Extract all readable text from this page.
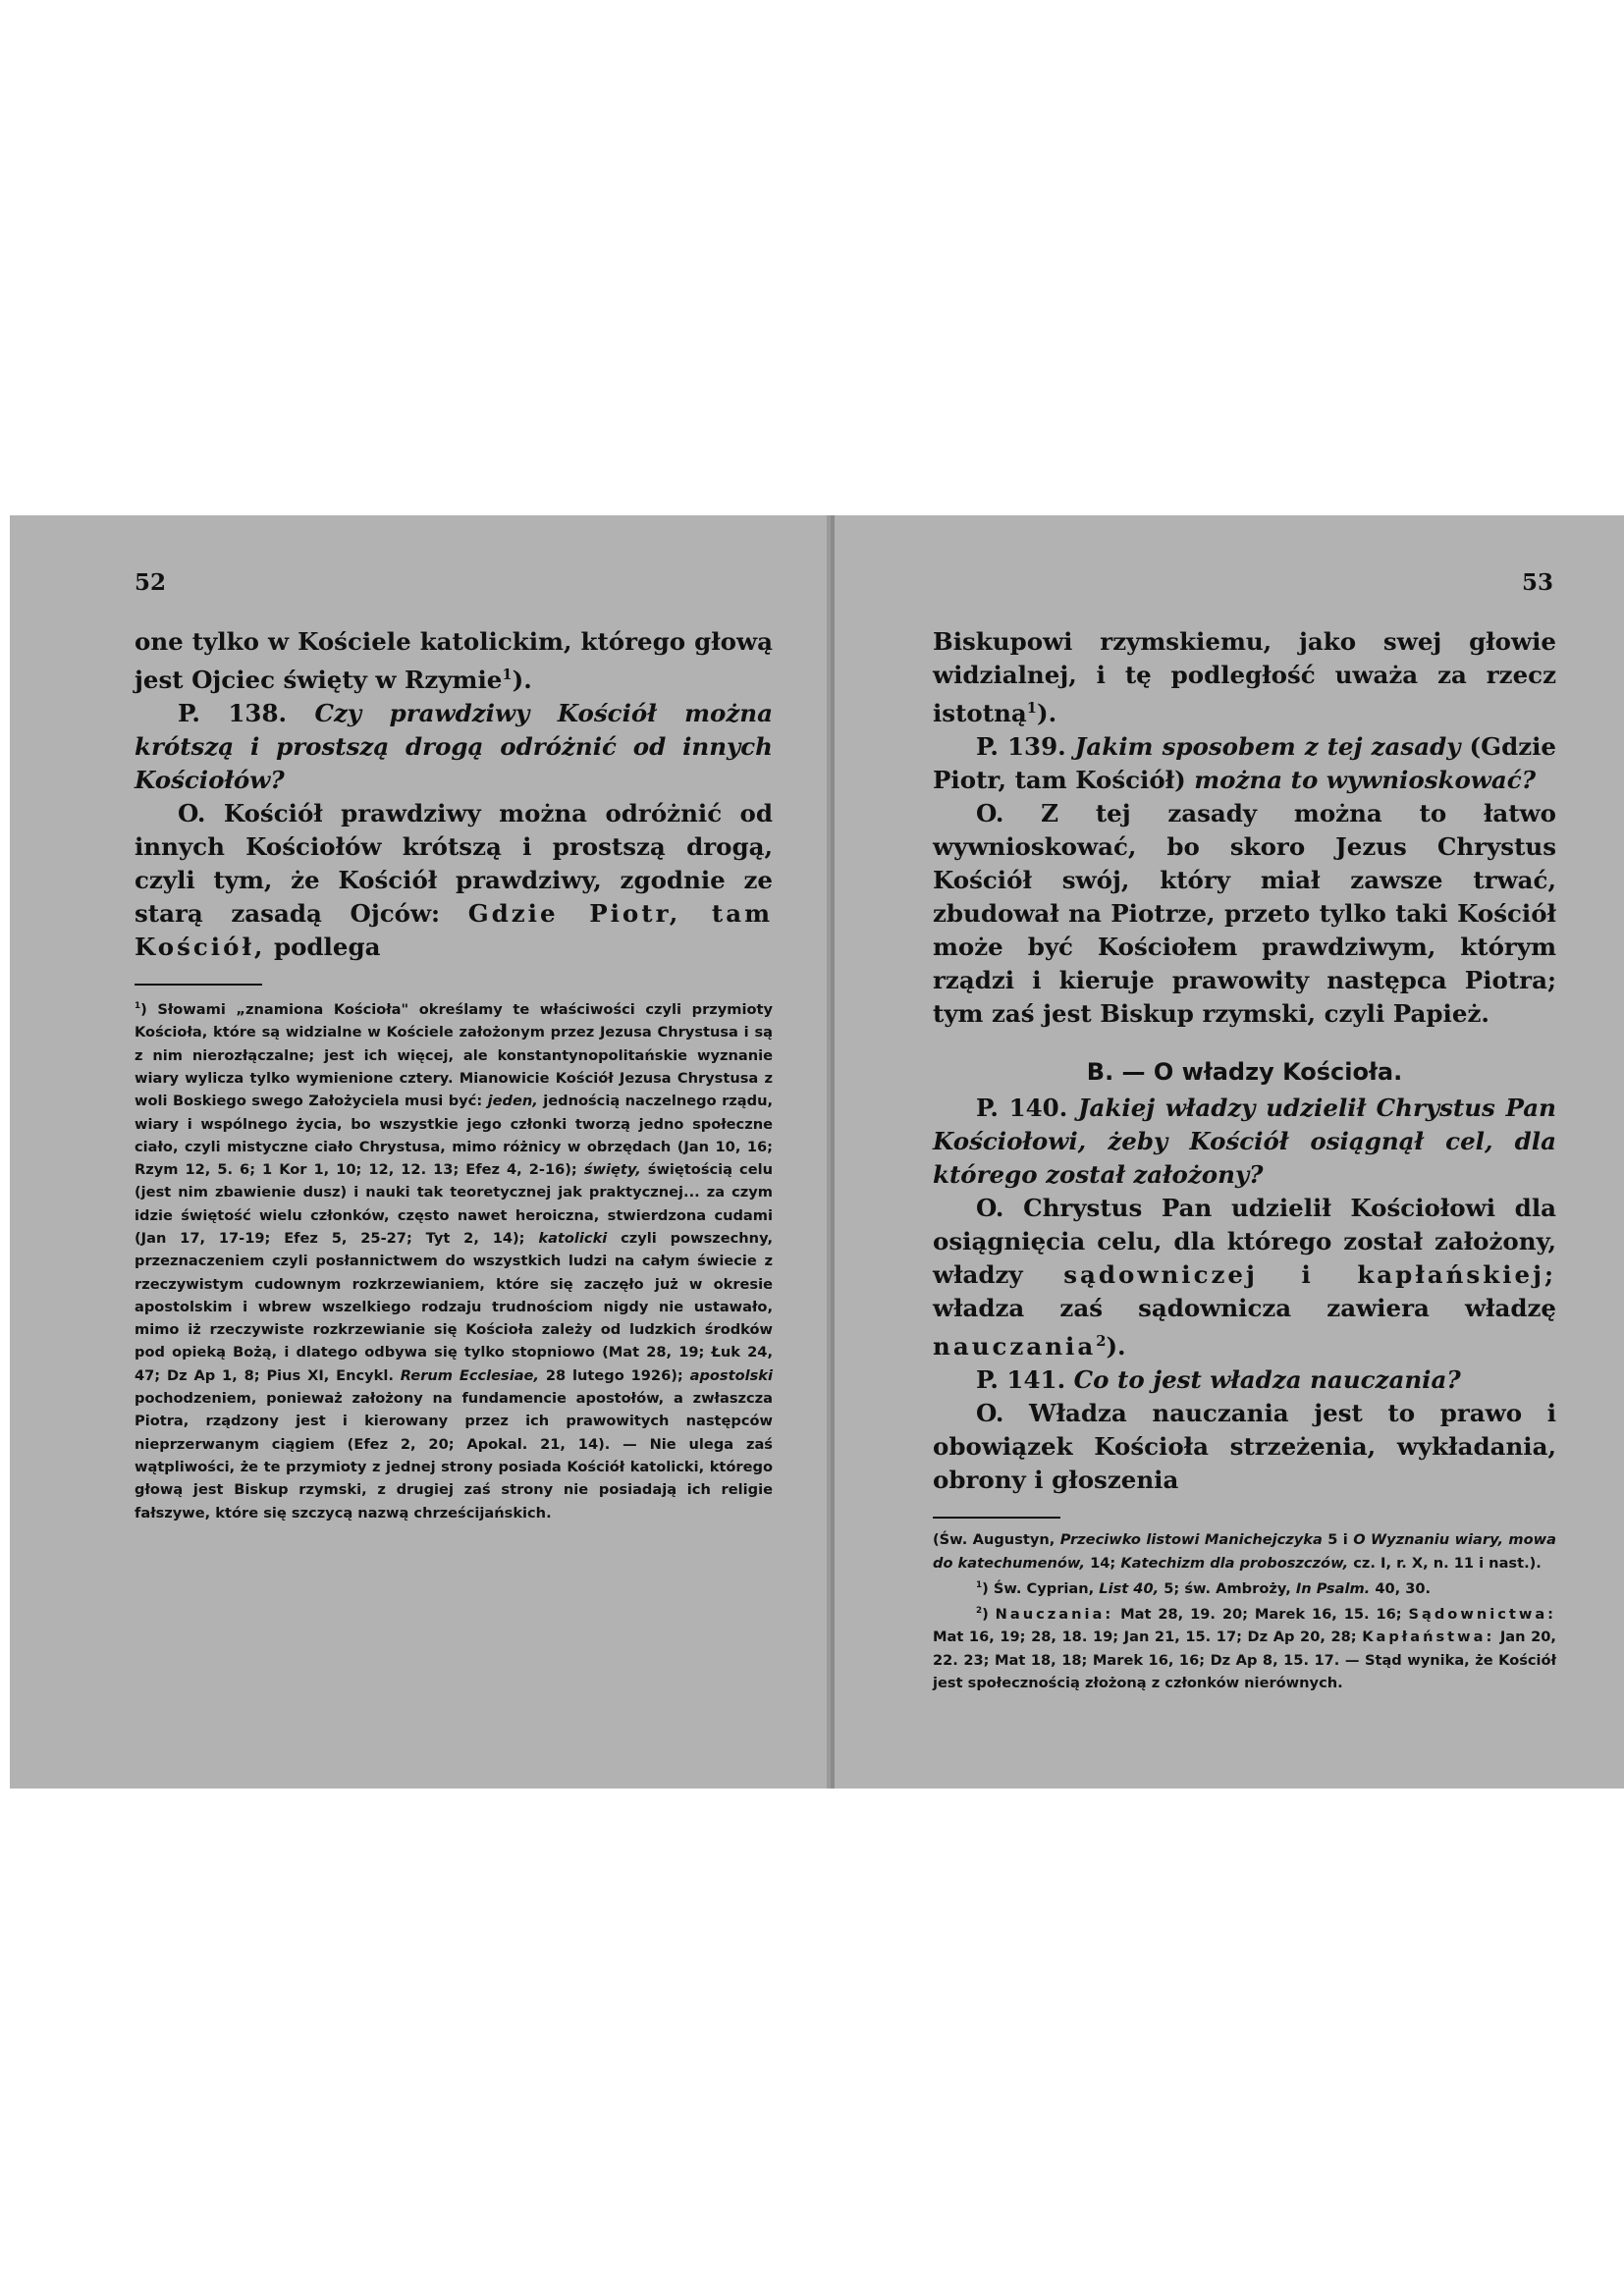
52

one tylko w Kościele katolickim, którego głową jest Ojciec święty w Rzymie$^1$).

P. 138. Czy prawdziwy Kościół można krótszą i prostszą drogą odróżnić od innych Kościołów?

O. Kościół prawdziwy można odróżnić od innych Kościołów krótszą i prostszą drogą, czyli tym, że Kościół prawdziwy, zgodnie ze starą zasadą Ojców: Gdzie Piotr, tam Kościół, podlega

$^1$) Słowami „znamiona Kościoła" określamy te właściwości czyli przymioty Kościoła, które są widzialne w Kościele założonym przez Jezusa Chrystusa i są z nim nierozłączalne; jest ich więcej, ale konstantynopolitańskie wyznanie wiary wylicza tylko wymienione cztery. Mianowicie Kościół Jezusa Chrystusa z woli Boskiego swego Założyciela musi być: jeden, jednością naczelnego rządu, wiary i wspólnego życia, bo wszystkie jego członki tworzą jedno społeczne ciało, czyli mistyczne ciało Chrystusa, mimo różnicy w obrzędach (Jan 10, 16; Rzym 12, 5. 6; 1 Kor 1, 10; 12, 12. 13; Efez 4, 2-16); święty, świętością celu (jest nim zbawienie dusz) i nauki tak teoretycznej jak praktycznej... za czym idzie świętość wielu członków, często nawet heroiczna, stwierdzona cudami (Jan 17, 17-19; Efez 5, 25-27; Tyt 2, 14); katolicki czyli powszechny, przeznaczeniem czyli posłannictwem do wszystkich ludzi na całym świecie z rzeczywistym cudownym rozkrzewianiem, które się zaczęło już w okresie apostolskim i wbrew wszelkiego rodzaju trudnościom nigdy nie ustawało, mimo iż rzeczywiste rozkrzewianie się Kościoła zależy od ludzkich środków pod opieką Bożą, i dlatego odbywa się tylko stopniowo (Mat 28, 19; Łuk 24, 47; Dz Ap 1, 8; Pius XI, Encykl. Rerum Ecclesiae, 28 lutego 1926); apostolski pochodzeniem, ponieważ założony na fundamencie apostołów, a zwłaszcza Piotra, rządzony jest i kierowany przez ich prawowitych następców nieprzerwanym ciągiem (Efez 2, 20; Apokal. 21, 14). — Nie ulega zaś wątpliwości, że te przymioty z jednej strony posiada Kościół katolicki, którego głową jest Biskup rzymski, z drugiej zaś strony nie posiadają ich religie fałszywe, które się szczycą nazwą chrześcijańskich.

53

Biskupowi rzymskiemu, jako swej głowie widzialnej, i tę podległość uważa za rzecz istotną$^1$).

P. 139. Jakim sposobem z tej zasady (Gdzie Piotr, tam Kościół) można to wywnioskować?

O. Z tej zasady można to łatwo wywnioskować, bo skoro Jezus Chrystus Kościół swój, który miał zawsze trwać, zbudował na Piotrze, przeto tylko taki Kościół może być Kościołem prawdziwym, którym rządzi i kieruje prawowity następca Piotra; tym zaś jest Biskup rzymski, czyli Papież.

B. — O władzy Kościoła.

P. 140. Jakiej władzy udzielił Chrystus Pan Kościołowi, żeby Kościół osiągnął cel, dla którego został założony?

O. Chrystus Pan udzielił Kościołowi dla osiągnięcia celu, dla którego został założony, władzy sądowniczej i kapłańskiej; władza zaś sądownicza zawiera władzę nauczania$^2$).

P. 141. Co to jest władza nauczania?

O. Władza nauczania jest to prawo i obowiązek Kościoła strzeżenia, wykładania, obrony i głoszenia

(Św. Augustyn, Przeciwko listowi Manichejczyka 5 i O Wyznaniu wiary, mowa do katechumenów, 14; Katechizm dla proboszczów, cz. I, r. X, n. 11 i nast.).

$^1$) Św. Cyprian, List 40, 5; św. Ambroży, In Psalm. 40, 30.

$^2$) Nauczania: Mat 28, 19. 20; Marek 16, 15. 16; Sądownictwa: Mat 16, 19; 28, 18. 19; Jan 21, 15. 17; Dz Ap 20, 28; Kapłaństwa: Jan 20, 22. 23; Mat 18, 18; Marek 16, 16; Dz Ap 8, 15. 17. — Stąd wynika, że Kościół jest społecznością złożoną z członków nierównych.
